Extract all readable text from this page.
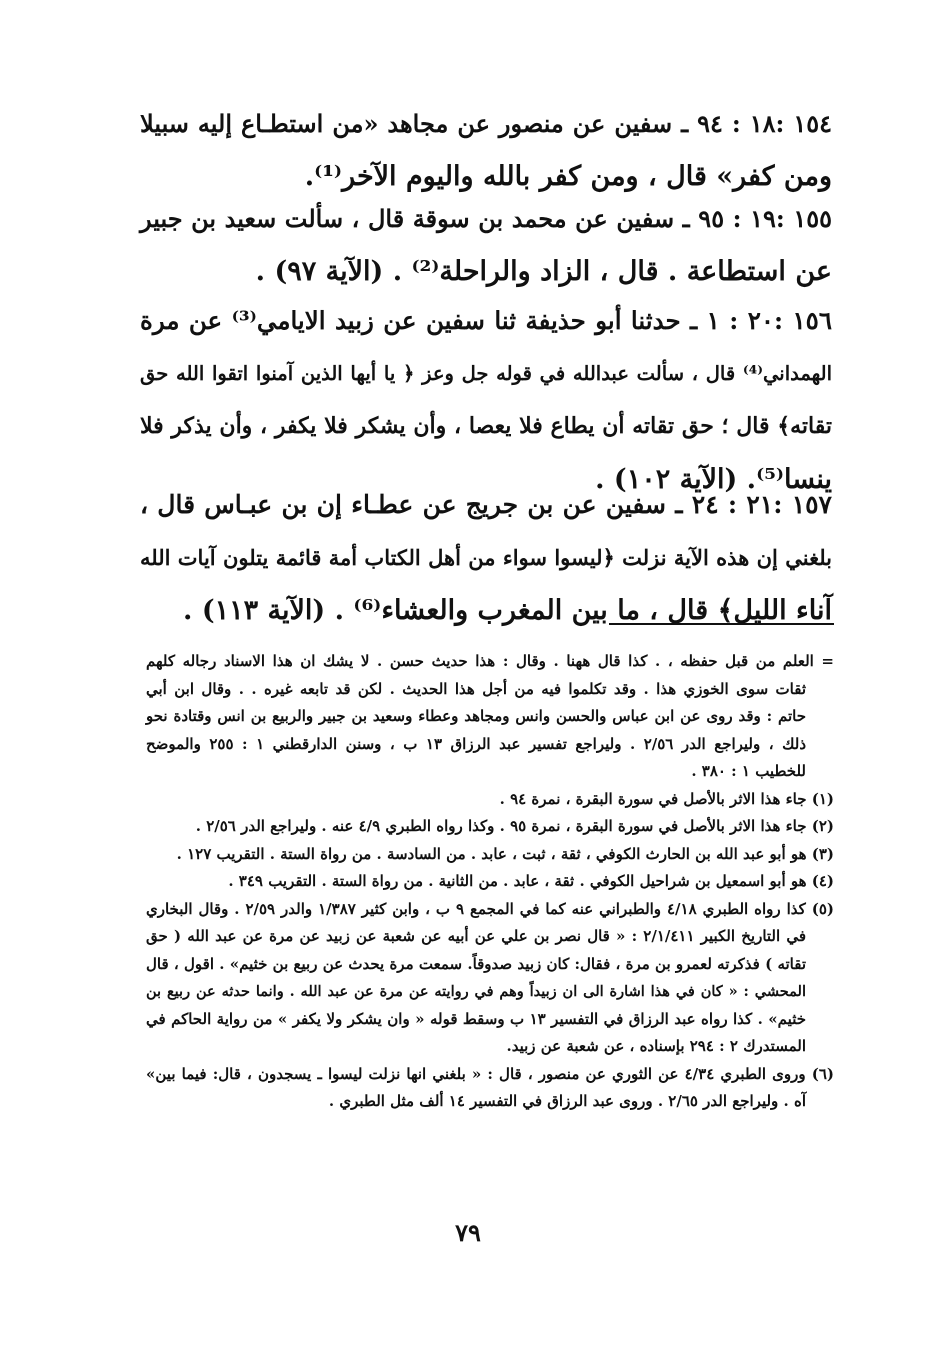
١٥٤ :١٨ : ٩٤ ـ سفين عن منصور عن مجاهد «من استطـاع إليه سبيلا
ومن كفر» قال ، ومن كفر بالله واليوم الآخر⁽¹⁾.
١٥٥ :١٩ : ٩٥ ـ سفين عن محمد بن سوقة قال ، سألت سعيد بن جبير
عن استطاعة . قال ، الزاد والراحلة⁽²⁾ . (الآية ٩٧) .
١٥٦ :٢٠ : ١ ـ حدثنا أبو حذيفة ثنا سفين عن زبيد الايامي⁽³⁾ عن مرة
الهمداني⁽⁴⁾ قال ، سألت عبدالله في قوله جل وعز ﴿ يا أيها الذين آمنوا اتقوا الله حق
تقاته﴾ قال ؛ حق تقاته أن يطاع فلا يعصا ، وأن يشكر فلا يكفر ، وأن يذكر فلا
ينسا⁽⁵⁾. (الآية ١٠٢) .
١٥٧ :٢١ : ٢٤ ـ سفين عن بن جريج عن عطـاء إن بن عبـاس قال ،
بلغني إن هذه الآية نزلت ﴿ليسوا سواء من أهل الكتاب أمة قائمة يتلون آيات الله
آناء الليل﴾ قال ، ما بين المغرب والعشاء⁽⁶⁾ . (الآية ١١٣) .
= العلم من قبل حفظه ، . كذا قال ههنا . وقال : هذا حديث حسن . لا يشك ان هذا الاسناد رجاله كلهم
ثقات سوى الخوزي هذا . وقد تكلموا فيه من أجل هذا الحديث . لكن قد تابعه غيره . . وقال ابن أبي
حاتم : وقد روى عن ابن عباس والحسن وانس ومجاهد وعطاء وسعيد بن جبير والربيع بن انس وقتادة نحو
ذلك ، وليراجع الدر ٢/٥٦ . وليراجع تفسير عبد الرزاق ١٣ ب ، وسنن الدارقطني ١ : ٢٥٥ والموضح
للخطيب ١ : ٣٨٠ .
(١) جاء هذا الاثر بالأصل في سورة البقرة ، نمرة ٩٤ .
(٢) جاء هذا الاثر بالأصل في سورة البقرة ، نمرة ٩٥ . وكذا رواه الطبري ٤/٩ عنه . وليراجع الدر ٢/٥٦ .
(٣) هو أبو عبد الله بن الحارث الكوفي ، ثقة ، ثبت ، عابد . من السادسة . من رواة الستة . التقريب ١٢٧ .
(٤) هو أبو اسمعيل بن شراحيل الكوفي . ثقة ، عابد . من الثانية . من رواة الستة . التقريب ٣٤٩ .
(٥) كذا رواه الطبري ٤/١٨ والطبراني عنه كما في المجمع ٩ ب ، وابن كثير ١/٣٨٧ والدر ٢/٥٩ . وقال البخاري
في التاريخ الكبير ٢/١/٤١١ : « قال نصر بن علي عن أبيه عن شعبة عن زبيد عن مرة عن عبد الله ( حق
تقاته ) فذكرته لعمرو بن مرة ، فقال: كان زبيد صدوقاً. سمعت مرة يحدث عن ربيع بن خثيم» . اقول ، قال
المحشي : « كان في هذا اشارة الى ان زبيداً وهم في روايته عن مرة عن عبد الله . وانما حدثه عن ربيع بن
خثيم» . كذا رواه عبد الرزاق في التفسير ١٣ ب وسقط قوله « وان يشكر ولا يكفر » من رواية الحاكم في
المستدرك ٢ : ٢٩٤ بإسناده ، عن شعبة عن زبيد.
(٦) وروى الطبري ٤/٣٤ عن الثوري عن منصور ، قال : « بلغني انها نزلت ليسوا ـ يسجدون ، قال: فيما بين»
آه . وليراجع الدر ٢/٦٥ . وروى عبد الرزاق في التفسير ١٤ ألف مثل الطبري .
٧٩
